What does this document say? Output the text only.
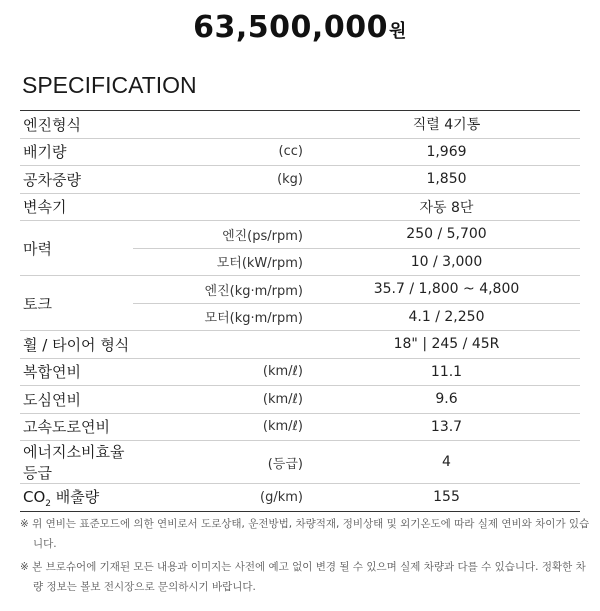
63,500,000원
SPECIFICATION
엔진형식		직렬 4기통
배기량	(cc)	1,969
공차중량	(kg)	1,850
변속기		자동 8단
마력	엔진(ps/rpm)	250 / 5,700
	모터(kW/rpm)	10 / 3,000
토크	엔진(kg·m/rpm)	35.7 / 1,800 ~ 4,800
	모터(kg·m/rpm)	4.1 / 2,250
휠 / 타이어 형식		18" | 245 / 45R
복합연비	(km/ℓ)	11.1
도심연비	(km/ℓ)	9.6
고속도로연비	(km/ℓ)	13.7
에너지소비효율등급	(등급)	4
$CO_2$ 배출량	(g/km)	155
※ 위 연비는 표준모드에 의한 연비로서 도로상태, 운전방법, 차량적재, 정비상태 및 외기온도에 따라 실제 연비와 차이가 있습니다.
※ 본 브로슈어에 기재된 모든 내용과 이미지는 사전에 예고 없이 변경 될 수 있으며 실제 차량과 다를 수 있습니다. 정확한 차량 정보는 볼보 전시장으로 문의하시기 바랍니다.
